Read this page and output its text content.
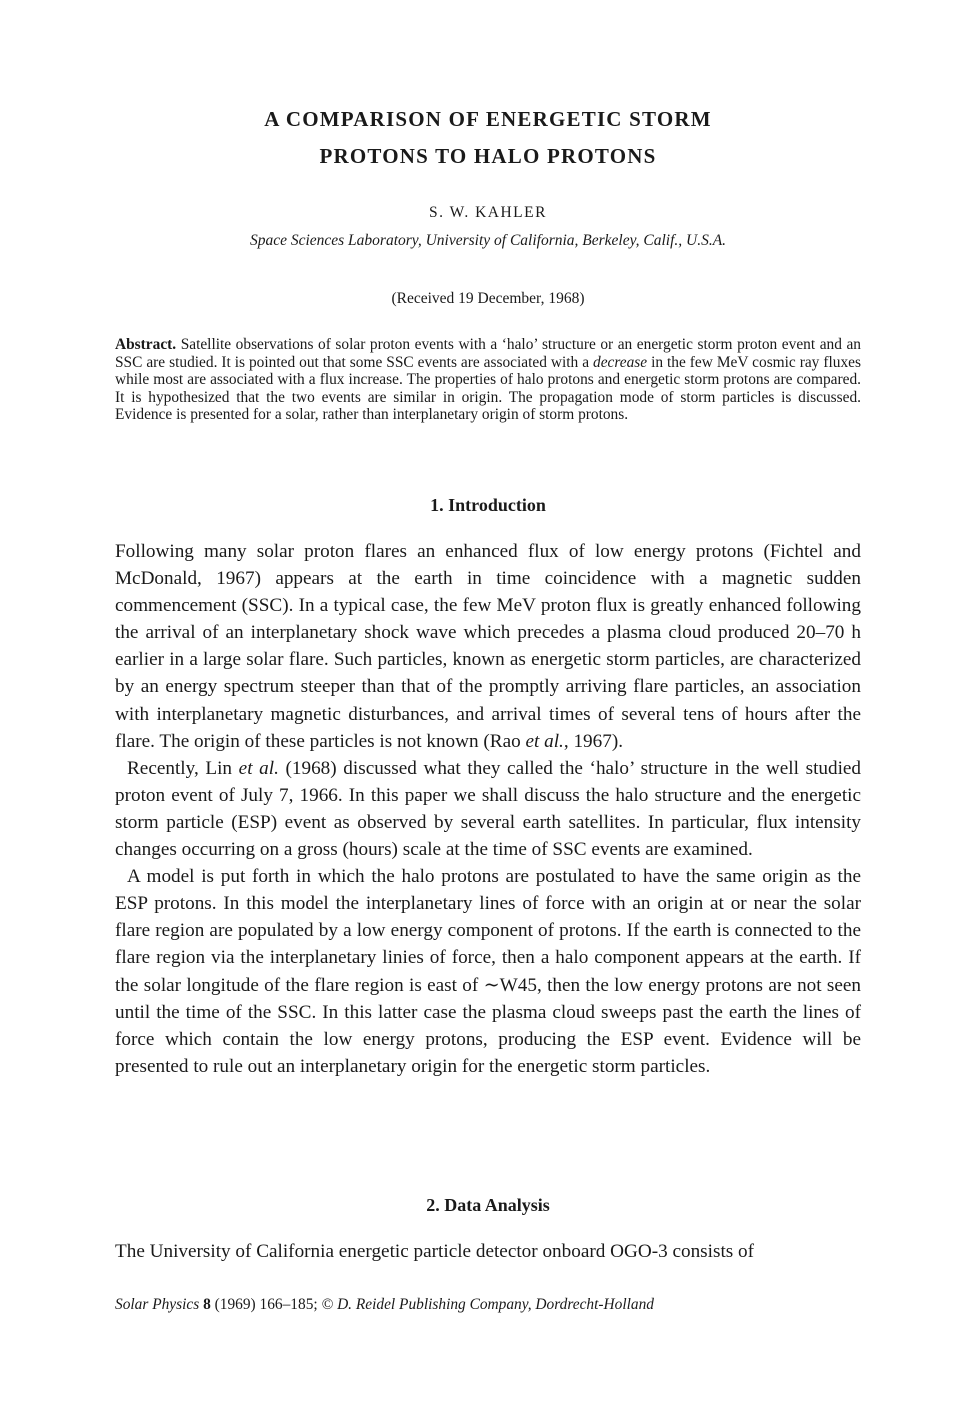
A COMPARISON OF ENERGETIC STORM
PROTONS TO HALO PROTONS
S. W. KAHLER
Space Sciences Laboratory, University of California, Berkeley, Calif., U.S.A.
(Received 19 December, 1968)

Abstract. Satellite observations of solar proton events with a ‘halo’ structure or an energetic storm proton event and an SSC are studied. It is pointed out that some SSC events are associated with a decrease in the few MeV cosmic ray fluxes while most are associated with a flux increase. The properties of halo protons and energetic storm protons are compared. It is hypothesized that the two events are similar in origin. The propagation mode of storm particles is discussed. Evidence is presented for a solar, rather than interplanetary origin of storm protons.

1. Introduction
Following many solar proton flares an enhanced flux of low energy protons (Fichtel and McDonald, 1967) appears at the earth in time coincidence with a magnetic sudden commencement (SSC). In a typical case, the few MeV proton flux is greatly enhanced following the arrival of an interplanetary shock wave which precedes a plasma cloud produced 20–70 h earlier in a large solar flare. Such particles, known as energetic storm particles, are characterized by an energy spectrum steeper than that of the promptly arriving flare particles, an association with interplanetary magnetic disturbances, and arrival times of several tens of hours after the flare. The origin of these particles is not known (Rao et al., 1967).
Recently, Lin et al. (1968) discussed what they called the ‘halo’ structure in the well studied proton event of July 7, 1966. In this paper we shall discuss the halo structure and the energetic storm particle (ESP) event as observed by several earth satellites. In particular, flux intensity changes occurring on a gross (hours) scale at the time of SSC events are examined.
A model is put forth in which the halo protons are postulated to have the same origin as the ESP protons. In this model the interplanetary lines of force with an origin at or near the solar flare region are populated by a low energy component of protons. If the earth is connected to the flare region via the interplanetary linies of force, then a halo component appears at the earth. If the solar longitude of the flare region is east of ∼W45, then the low energy protons are not seen until the time of the SSC. In this latter case the plasma cloud sweeps past the earth the lines of force which contain the low energy protons, producing the ESP event. Evidence will be presented to rule out an interplanetary origin for the energetic storm particles.
2. Data Analysis

The University of California energetic particle detector onboard OGO-3 consists of

Solar Physics 8 (1969) 166–185; © D. Reidel Publishing Company, Dordrecht-Holland
